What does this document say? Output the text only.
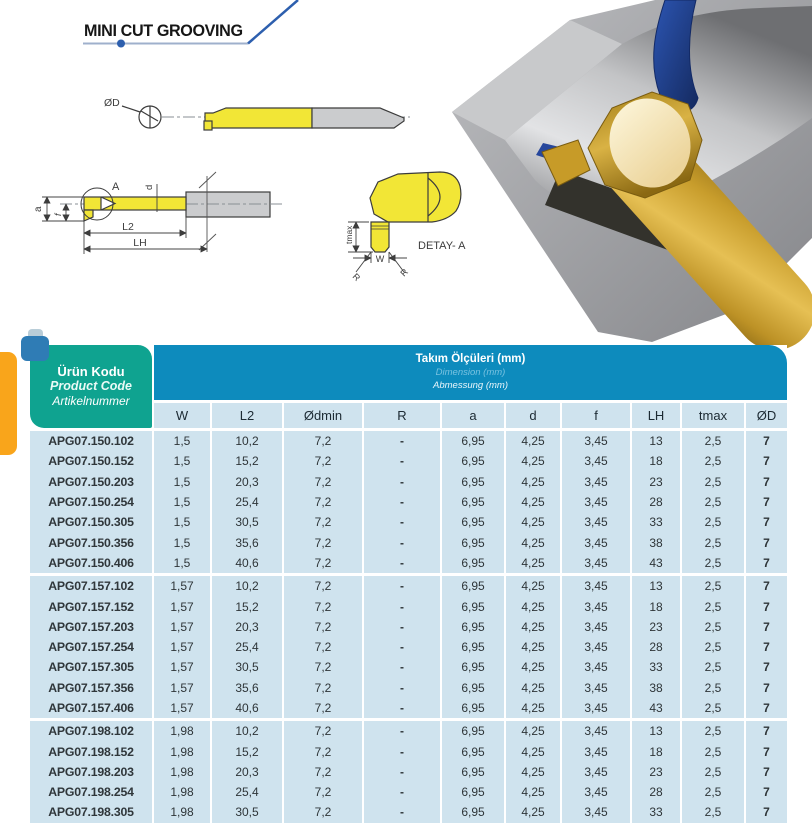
ØD
A
a
f
d
L2
LH	tmax
W
R	R
DETAY- A
MINI CUT GROOVING
Ürün Kodu
Product Code
Artikelnummer
Takım Ölçüleri (mm)
Dimension (mm)
Abmessung (mm)
W	L2	Ødmin	R	a	d	f	LH	tmax	ØD
APG07.150.102	1,5	10,2	7,2	-	6,95	4,25	3,45	13	2,5	7
APG07.150.152	1,5	15,2	7,2	-	6,95	4,25	3,45	18	2,5	7
APG07.150.203	1,5	20,3	7,2	-	6,95	4,25	3,45	23	2,5	7
APG07.150.254	1,5	25,4	7,2	-	6,95	4,25	3,45	28	2,5	7
APG07.150.305	1,5	30,5	7,2	-	6,95	4,25	3,45	33	2,5	7
APG07.150.356	1,5	35,6	7,2	-	6,95	4,25	3,45	38	2,5	7
APG07.150.406	1,5	40,6	7,2	-	6,95	4,25	3,45	43	2,5	7
APG07.157.102	1,57	10,2	7,2	-	6,95	4,25	3,45	13	2,5	7
APG07.157.152	1,57	15,2	7,2	-	6,95	4,25	3,45	18	2,5	7
APG07.157.203	1,57	20,3	7,2	-	6,95	4,25	3,45	23	2,5	7
APG07.157.254	1,57	25,4	7,2	-	6,95	4,25	3,45	28	2,5	7
APG07.157.305	1,57	30,5	7,2	-	6,95	4,25	3,45	33	2,5	7
APG07.157.356	1,57	35,6	7,2	-	6,95	4,25	3,45	38	2,5	7
APG07.157.406	1,57	40,6	7,2	-	6,95	4,25	3,45	43	2,5	7
APG07.198.102	1,98	10,2	7,2	-	6,95	4,25	3,45	13	2,5	7
APG07.198.152	1,98	15,2	7,2	-	6,95	4,25	3,45	18	2,5	7
APG07.198.203	1,98	20,3	7,2	-	6,95	4,25	3,45	23	2,5	7
APG07.198.254	1,98	25,4	7,2	-	6,95	4,25	3,45	28	2,5	7
APG07.198.305	1,98	30,5	7,2	-	6,95	4,25	3,45	33	2,5	7
